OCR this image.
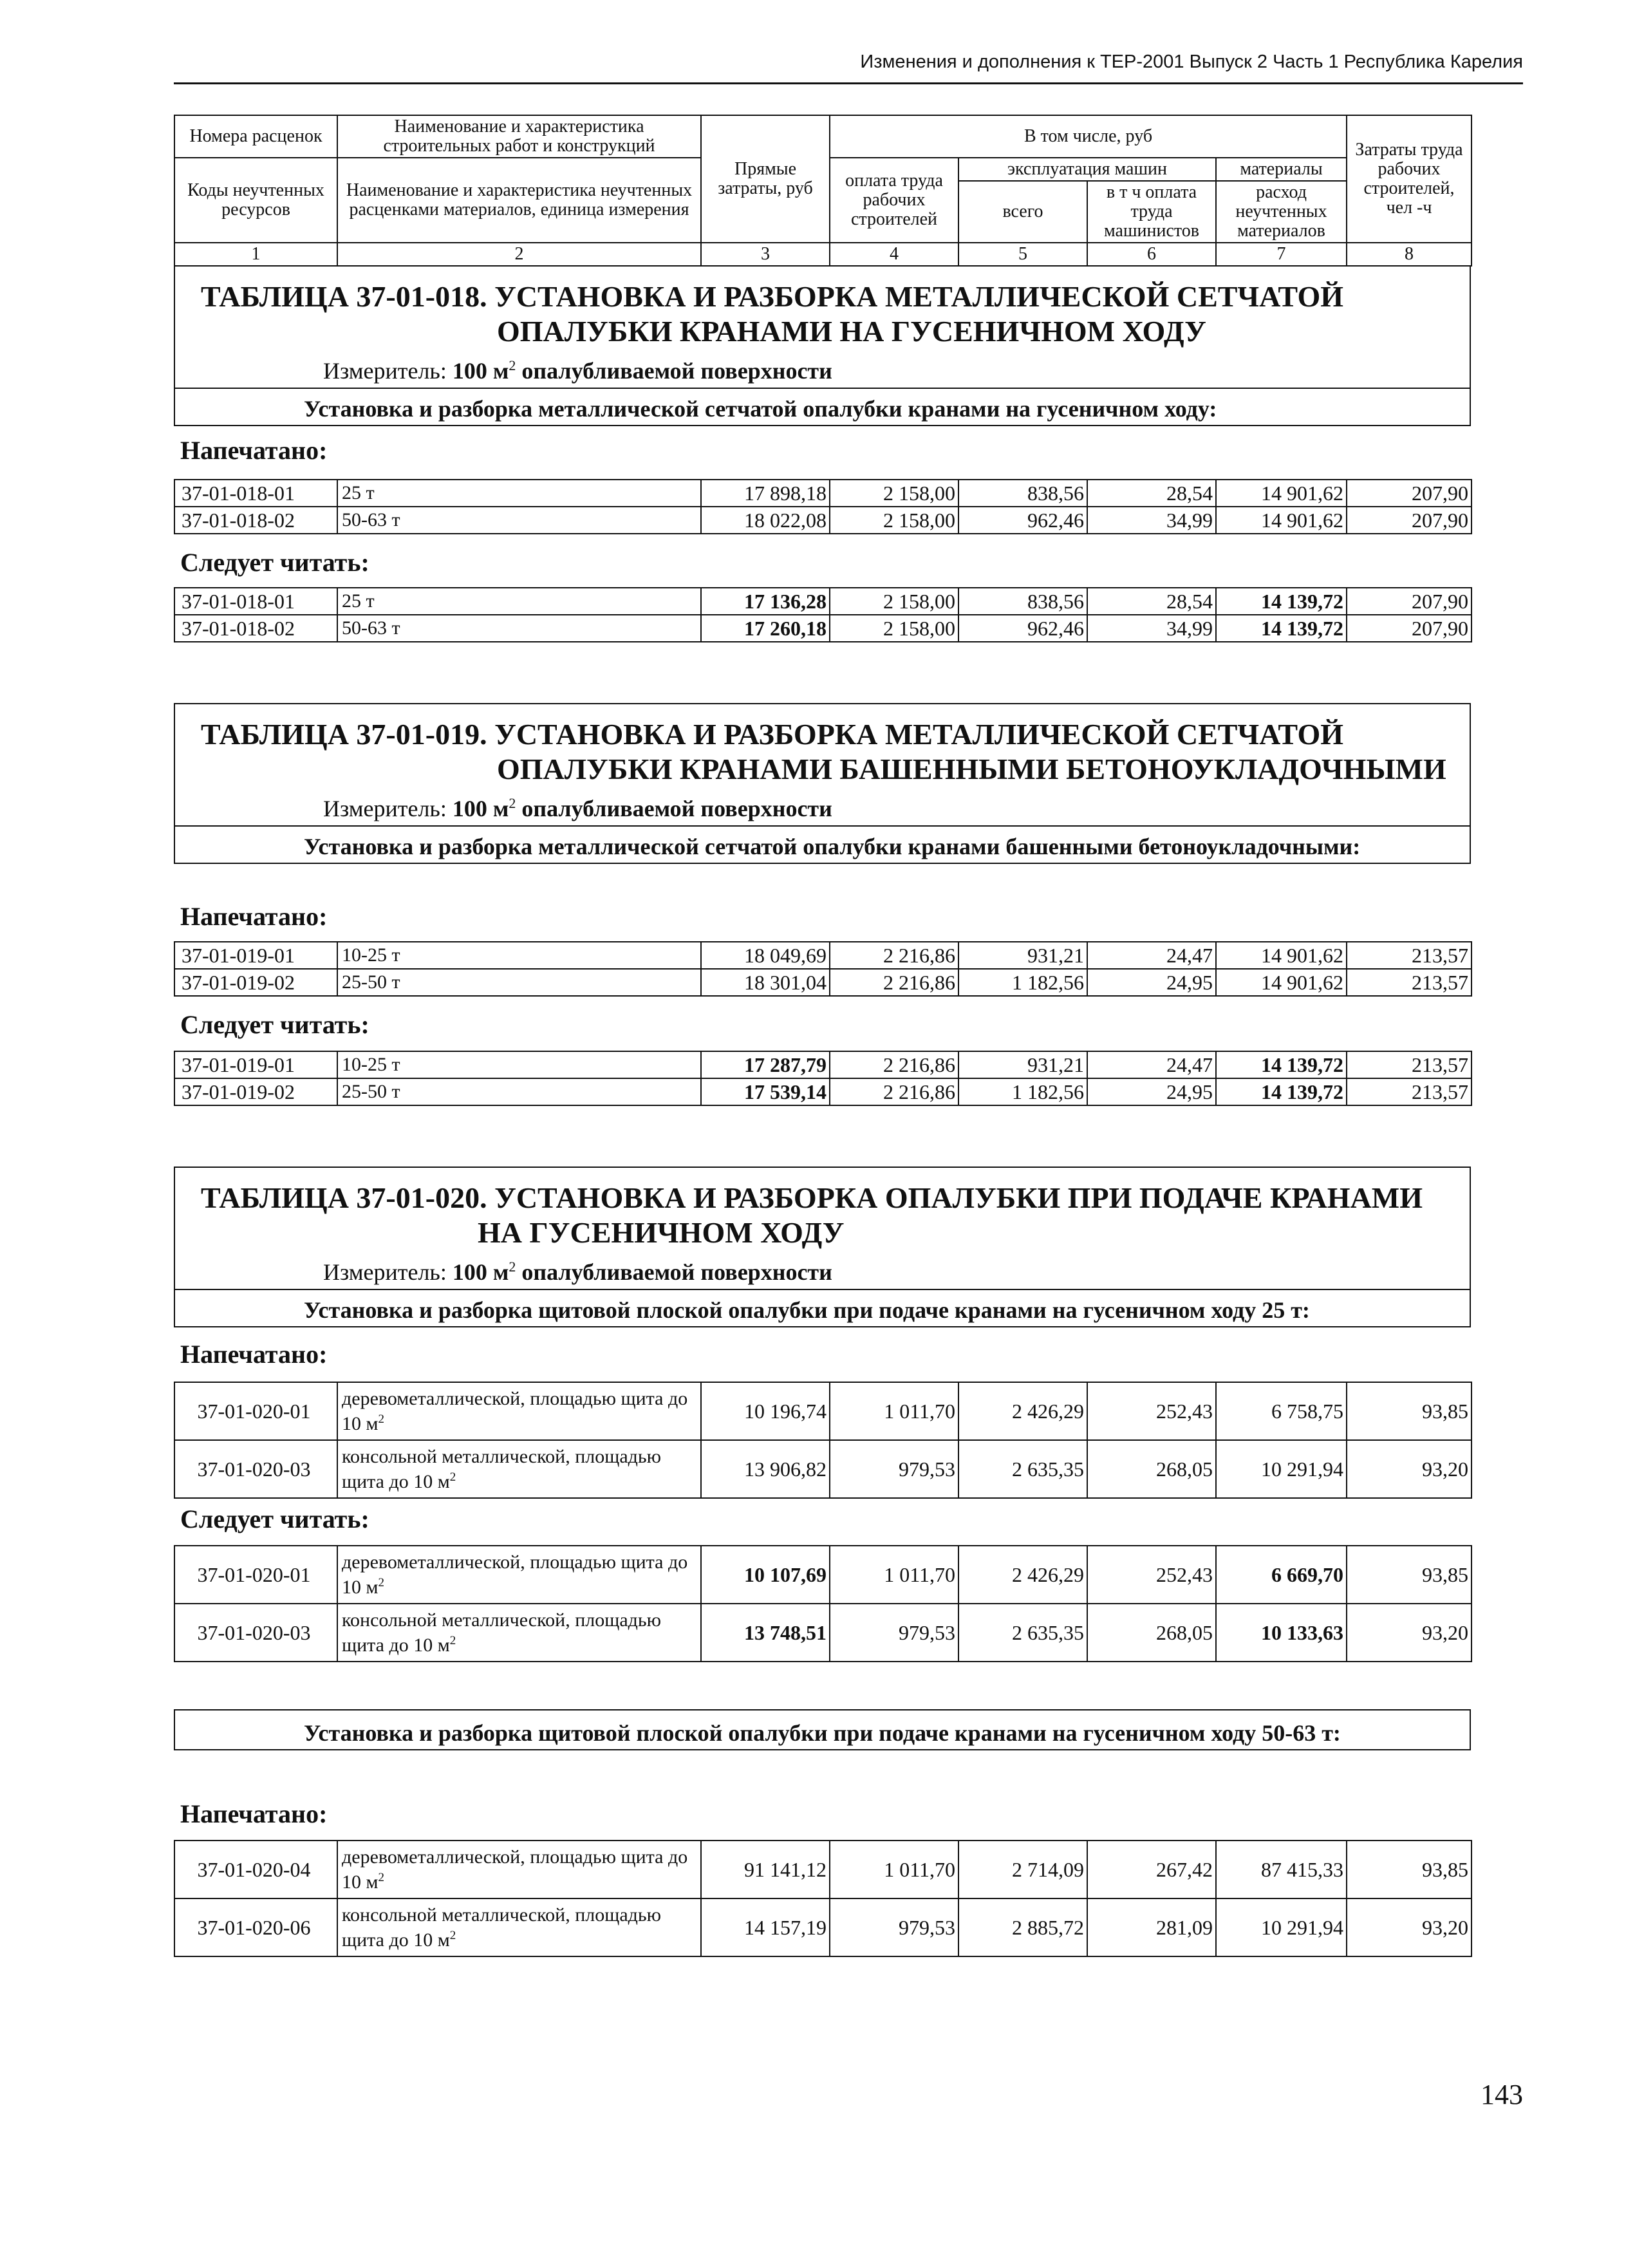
Изменения и дополнения к ТЕР-2001 Выпуск 2 Часть 1 Республика Карелия
Номера расценок	Наименование и характеристика строительных работ и конструкций	Прямые затраты, руб	В том числе, руб				Затраты труда рабочих строителей, чел -ч
Коды неучтенных ресурсов	Наименование и характеристика неучтенных расценками материалов, единица измерения		оплата труда рабочих строителей	эксплуатация машин		материалы	
				всего	в т ч оплата труда машинистов	расход неучтенных материалов	
1	2	3	4	5	6	7	8
ТАБЛИЦА 37-01-018. УСТАНОВКА И РАЗБОРКА МЕТАЛЛИЧЕСКОЙ СЕТЧАТОЙ
ОПАЛУБКИ КРАНАМИ НА ГУСЕНИЧНОМ ХОДУ
Измеритель: 100 $м^2$ опалубливаемой поверхности
Установка и разборка металлической сетчатой опалубки кранами на гусеничном ходу:
Напечатано:
37-01-018-01	25 т	17 898,18	2 158,00	838,56	28,54	14 901,62	207,90
37-01-018-02	50-63 т	18 022,08	2 158,00	962,46	34,99	14 901,62	207,90
Следует читать:
37-01-018-01	25 т	17 136,28	2 158,00	838,56	28,54	14 139,72	207,90
37-01-018-02	50-63 т	17 260,18	2 158,00	962,46	34,99	14 139,72	207,90
ТАБЛИЦА 37-01-019. УСТАНОВКА И РАЗБОРКА МЕТАЛЛИЧЕСКОЙ СЕТЧАТОЙ
ОПАЛУБКИ КРАНАМИ БАШЕННЫМИ БЕТОНОУКЛАДОЧНЫМИ
Измеритель: 100 $м^2$ опалубливаемой поверхности
Установка и разборка металлической сетчатой опалубки кранами башенными бетоноукладочными:
Напечатано:
37-01-019-01	10-25 т	18 049,69	2 216,86	931,21	24,47	14 901,62	213,57
37-01-019-02	25-50 т	18 301,04	2 216,86	1 182,56	24,95	14 901,62	213,57
Следует читать:
37-01-019-01	10-25 т	17 287,79	2 216,86	931,21	24,47	14 139,72	213,57
37-01-019-02	25-50 т	17 539,14	2 216,86	1 182,56	24,95	14 139,72	213,57
ТАБЛИЦА 37-01-020. УСТАНОВКА И РАЗБОРКА ОПАЛУБКИ ПРИ ПОДАЧЕ КРАНАМИ
НА ГУСЕНИЧНОМ ХОДУ
Измеритель: 100 $м^2$ опалубливаемой поверхности
Установка и разборка щитовой плоской опалубки при подаче кранами на гусеничном ходу 25 т:
Напечатано:
37-01-020-01	деревометаллической, площадью щита до 10 $м^2$	10 196,74	1 011,70	2 426,29	252,43	6 758,75	93,85
37-01-020-03	консольной металлической, площадью щита до 10 $м^2$	13 906,82	979,53	2 635,35	268,05	10 291,94	93,20
Следует читать:
37-01-020-01	деревометаллической, площадью щита до 10 $м^2$	10 107,69	1 011,70	2 426,29	252,43	6 669,70	93,85
37-01-020-03	консольной металлической, площадью щита до 10 $м^2$	13 748,51	979,53	2 635,35	268,05	10 133,63	93,20
Установка и разборка щитовой плоской опалубки при подаче кранами на гусеничном ходу 50-63 т:
Напечатано:
37-01-020-04	деревометаллической, площадью щита до 10 $м^2$	91 141,12	1 011,70	2 714,09	267,42	87 415,33	93,85
37-01-020-06	консольной металлической, площадью щита до 10 $м^2$	14 157,19	979,53	2 885,72	281,09	10 291,94	93,20
143
